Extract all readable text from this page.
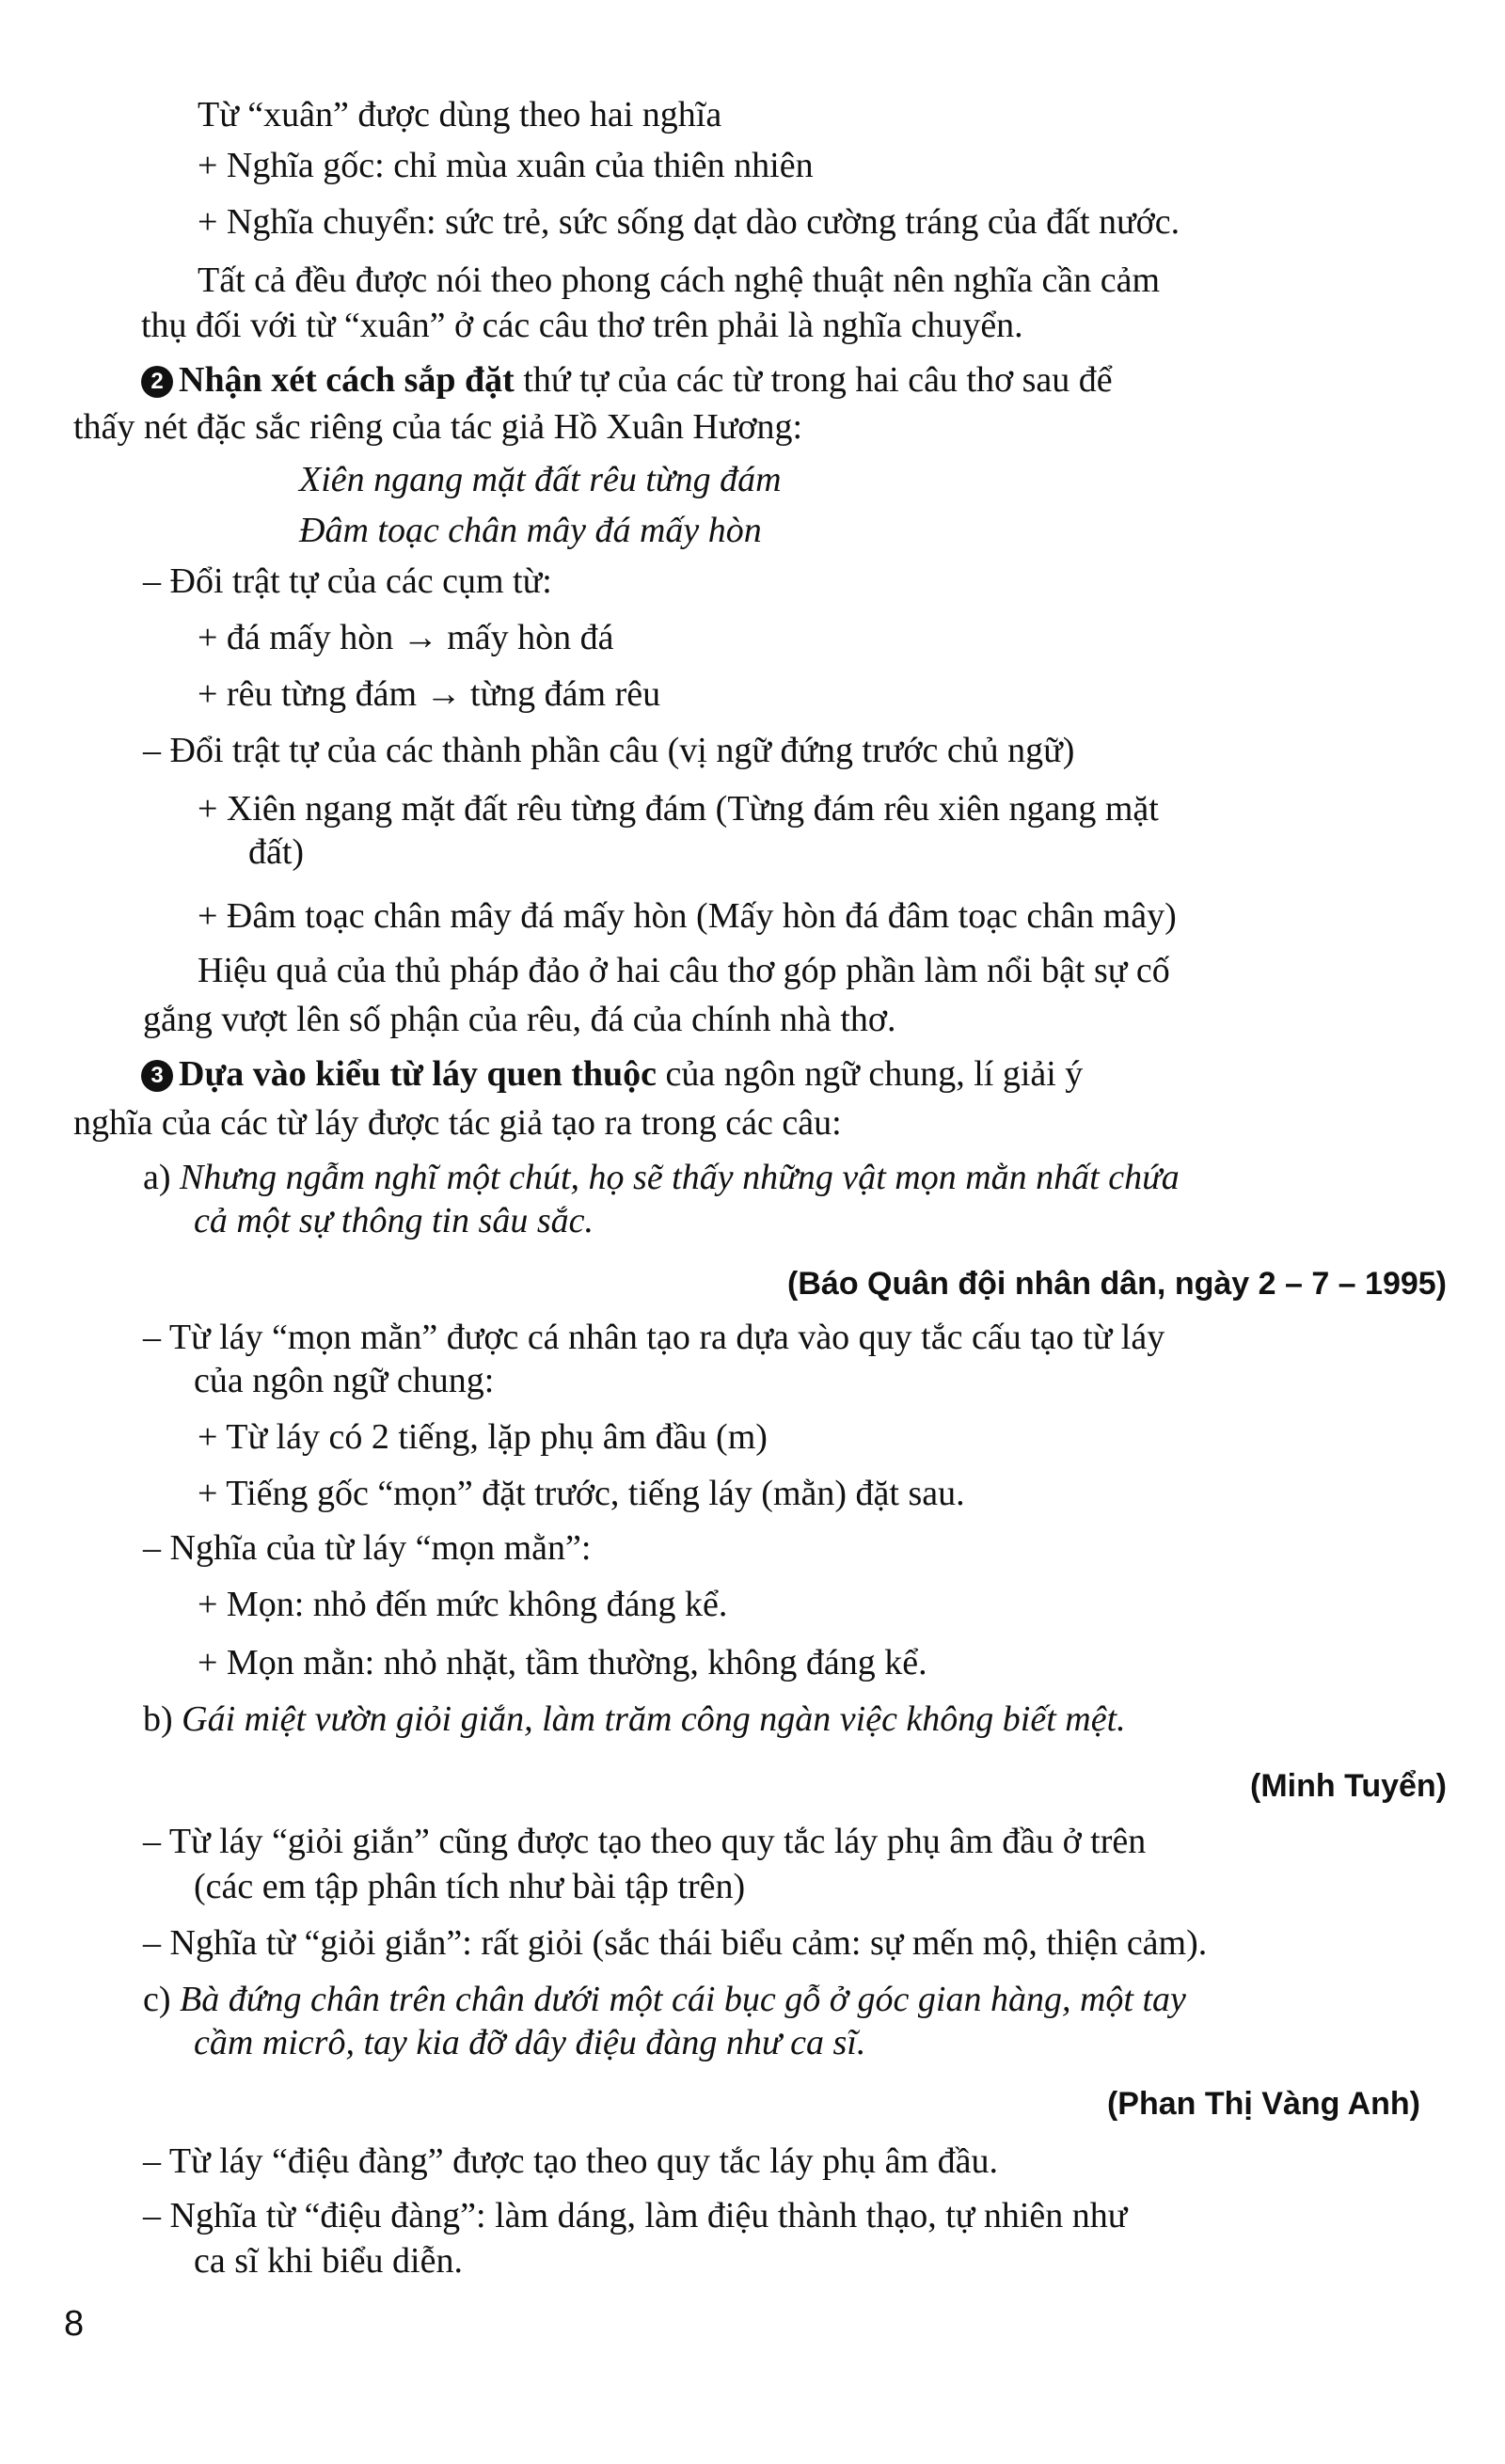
Từ “xuân” được dùng theo hai nghĩa
+ Nghĩa gốc: chỉ mùa xuân của thiên nhiên
+ Nghĩa chuyển: sức trẻ, sức sống dạt dào cường tráng của đất nước.
Tất cả đều được nói theo phong cách nghệ thuật nên nghĩa cần cảm
thụ đối với từ “xuân” ở các câu thơ trên phải là nghĩa chuyển.
2 Nhận xét cách sắp đặt thứ tự của các từ trong hai câu thơ sau để
thấy nét đặc sắc riêng của tác giả Hồ Xuân Hương:
Xiên ngang mặt đất rêu từng đám
Đâm toạc chân mây đá mấy hòn
– Đổi trật tự của các cụm từ:
+ đá mấy hòn → mấy hòn đá
+ rêu từng đám → từng đám rêu
– Đổi trật tự của các thành phần câu (vị ngữ đứng trước chủ ngữ)
+ Xiên ngang mặt đất rêu từng đám (Từng đám rêu xiên ngang mặt
đất)
+ Đâm toạc chân mây đá mấy hòn (Mấy hòn đá đâm toạc chân mây)
Hiệu quả của thủ pháp đảo ở hai câu thơ góp phần làm nổi bật sự cố
gắng vượt lên số phận của rêu, đá của chính nhà thơ.
3 Dựa vào kiểu từ láy quen thuộc của ngôn ngữ chung, lí giải ý
nghĩa của các từ láy được tác giả tạo ra trong các câu:
a) Nhưng ngẫm nghĩ một chút, họ sẽ thấy những vật mọn mằn nhất chứa
cả một sự thông tin sâu sắc.
(Báo Quân đội nhân dân, ngày 2 – 7 – 1995)
– Từ láy “mọn mằn” được cá nhân tạo ra dựa vào quy tắc cấu tạo từ láy
của ngôn ngữ chung:
+ Từ láy có 2 tiếng, lặp phụ âm đầu (m)
+ Tiếng gốc “mọn” đặt trước, tiếng láy (mằn) đặt sau.
– Nghĩa của từ láy “mọn mằn”:
+ Mọn: nhỏ đến mức không đáng kể.
+ Mọn mằn: nhỏ nhặt, tầm thường, không đáng kể.
b) Gái miệt vườn giỏi giắn, làm trăm công ngàn việc không biết mệt.
(Minh Tuyển)
– Từ láy “giỏi giắn” cũng được tạo theo quy tắc láy phụ âm đầu ở trên
(các em tập phân tích như bài tập trên)
– Nghĩa từ “giỏi giắn”: rất giỏi (sắc thái biểu cảm: sự mến mộ, thiện cảm).
c) Bà đứng chân trên chân dưới một cái bục gỗ ở góc gian hàng, một tay
cầm micrô, tay kia đỡ dây điệu đàng như ca sĩ.
(Phan Thị Vàng Anh)
– Từ láy “điệu đàng” được tạo theo quy tắc láy phụ âm đầu.
– Nghĩa từ “điệu đàng”: làm dáng, làm điệu thành thạo, tự nhiên như
ca sĩ khi biểu diễn.
8
